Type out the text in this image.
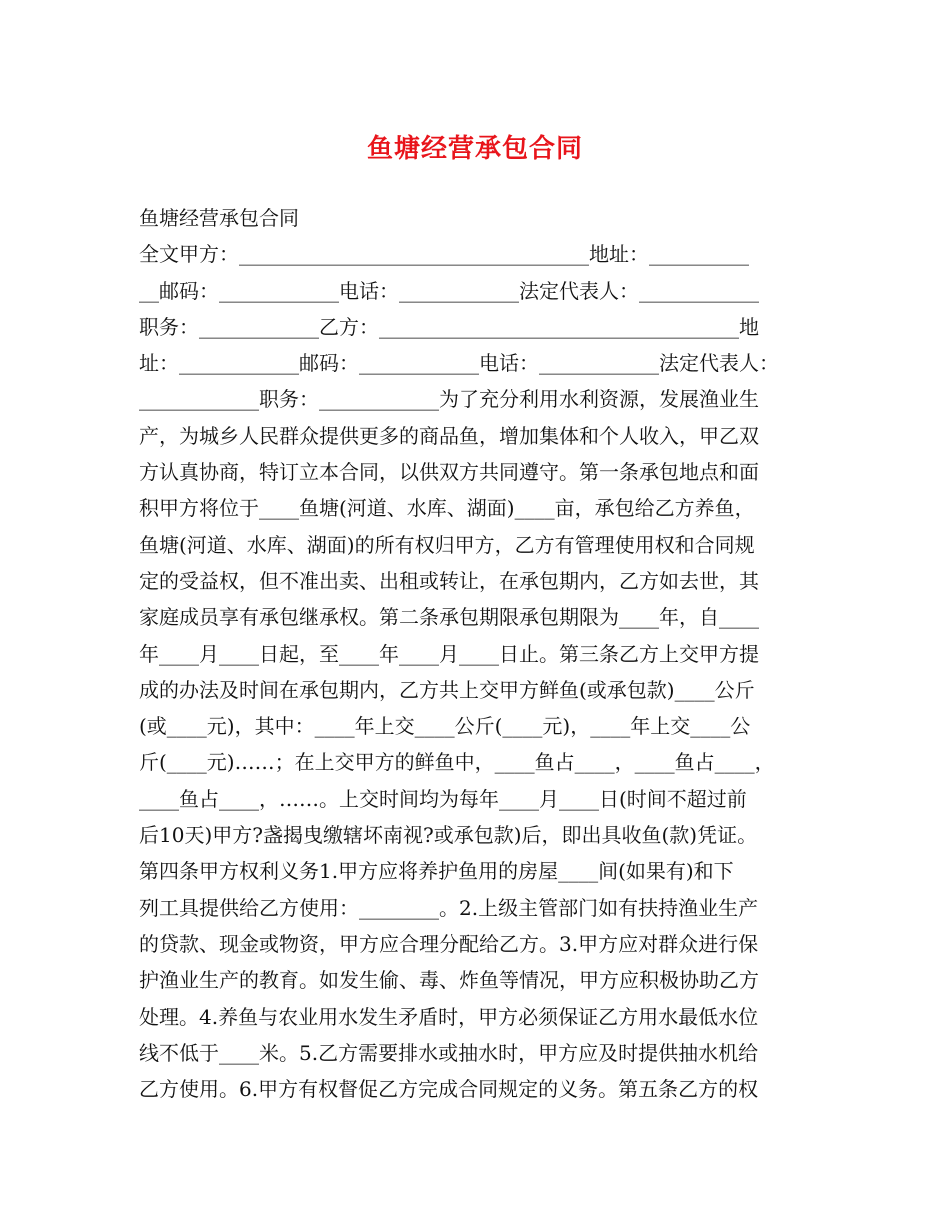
鱼塘经营承包合同
鱼塘经营承包合同
全文甲方：___________________________________地址：__________
__邮码：____________电话：____________法定代表人：____________
职务：____________乙方：____________________________________地
址：____________邮码：____________电话：____________法定代表人：
____________职务：____________为了充分利用水利资源，发展渔业生
产，为城乡人民群众提供更多的商品鱼，增加集体和个人收入，甲乙双
方认真协商，特订立本合同，以供双方共同遵守。第一条承包地点和面
积甲方将位于____鱼塘(河道、水库、湖面)____亩，承包给乙方养鱼，
鱼塘(河道、水库、湖面)的所有权归甲方，乙方有管理使用权和合同规
定的受益权，但不准出卖、出租或转让，在承包期内，乙方如去世，其
家庭成员享有承包继承权。第二条承包期限承包期限为____年，自____
年____月____日起，至____年____月____日止。第三条乙方上交甲方提
成的办法及时间在承包期内，乙方共上交甲方鲜鱼(或承包款)____公斤
(或____元)，其中：____年上交____公斤(____元)，____年上交____公
斤(____元)……；在上交甲方的鲜鱼中，____鱼占____，____鱼占____，
____鱼占____，……。上交时间均为每年____月____日(时间不超过前
后10天)甲方?盏揭曳缴辖坏南视?或承包款)后，即出具收鱼(款)凭证。
第四条甲方权利义务1.甲方应将养护鱼用的房屋____间(如果有)和下
列工具提供给乙方使用：________。2.上级主管部门如有扶持渔业生产
的贷款、现金或物资，甲方应合理分配给乙方。3.甲方应对群众进行保
护渔业生产的教育。如发生偷、毒、炸鱼等情况，甲方应积极协助乙方
处理。4.养鱼与农业用水发生矛盾时，甲方必须保证乙方用水最低水位
线不低于____米。5.乙方需要排水或抽水时，甲方应及时提供抽水机给
乙方使用。6.甲方有权督促乙方完成合同规定的义务。第五条乙方的权
